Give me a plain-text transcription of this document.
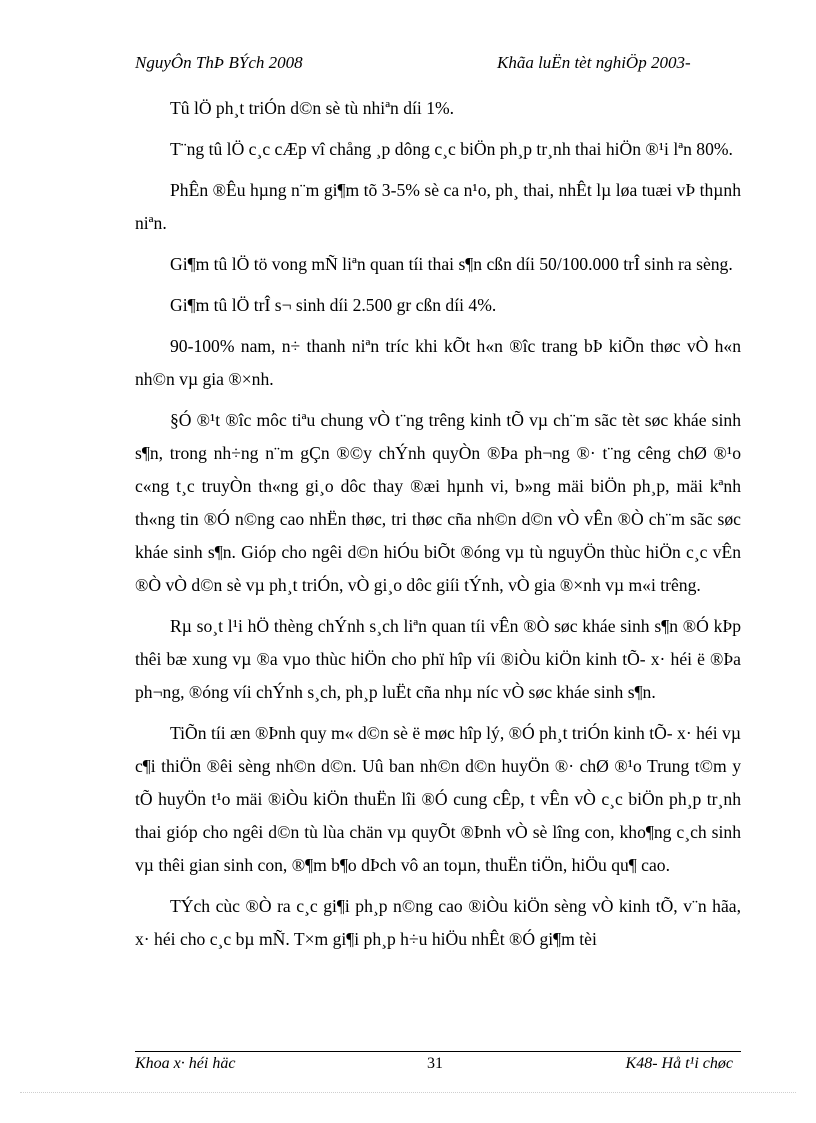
NguyÔn ThÞ BÝch 2008	Khãa luËn tèt nghiÖp 2003-

Tû lÖ ph¸t triÓn d©n sè tù nhiªn díi 1%.

T¨ng tû lÖ c¸c cÆp vî chång ¸p dông c¸c biÖn ph¸p tr¸nh thai hiÖn ®¹i lªn 80%.

PhÊn ®Êu hµng n¨m gi¶m tõ 3-5% sè ca n¹o, ph¸ thai, nhÊt lµ løa tuæi vÞ thµnh niªn.

Gi¶m tû lÖ tö vong mÑ liªn quan tíi thai s¶n cßn díi 50/100.000 trÎ sinh ra sèng.

Gi¶m tû lÖ trÎ s¬ sinh díi 2.500 gr cßn díi 4%.

90-100% nam, n÷ thanh niªn tríc khi kÕt h«n ®îc trang bÞ kiÕn thøc vÒ h«n nh©n vµ gia ®×nh.

§Ó ®¹t ®îc môc tiªu chung vÒ t¨ng trêng kinh tÕ vµ ch¨m sãc tèt søc kháe sinh s¶n, trong nh÷ng n¨m gÇn ®©y chÝnh quyÒn ®Þa ph¬ng ®· t¨ng cêng chØ ®¹o c«ng t¸c truyÒn th«ng gi¸o dôc thay ®æi hµnh vi, b»ng mäi biÖn ph¸p, mäi kªnh th«ng tin ®Ó n©ng cao nhËn thøc, tri thøc cña nh©n d©n vÒ vÊn ®Ò ch¨m sãc søc kháe sinh s¶n. Gióp cho ngêi d©n hiÓu biÕt ®óng vµ tù nguyÖn thùc hiÖn c¸c vÊn ®Ò vÒ d©n sè vµ ph¸t triÓn, vÒ gi¸o dôc giíi tÝnh, vÒ gia ®×nh vµ m«i trêng.

Rµ so¸t l¹i hÖ thèng chÝnh s¸ch liªn quan tíi vÊn ®Ò søc kháe sinh s¶n ®Ó kÞp thêi bæ xung vµ ®a vµo thùc hiÖn cho phï hîp víi ®iÒu kiÖn kinh tÕ- x· héi ë ®Þa ph¬ng, ®óng víi chÝnh s¸ch, ph¸p luËt cña nhµ níc vÒ søc kháe sinh s¶n.

TiÕn tíi æn ®Þnh quy m« d©n sè ë møc hîp lý, ®Ó ph¸t triÓn kinh tÕ- x· héi vµ c¶i thiÖn ®êi sèng nh©n d©n. Uû ban nh©n d©n huyÖn ®· chØ ®¹o Trung t©m y tÕ huyÖn t¹o mäi ®iÒu kiÖn thuËn lîi ®Ó cung cÊp, t vÊn vÒ c¸c biÖn ph¸p tr¸nh thai gióp cho ngêi d©n tù lùa chän vµ quyÕt ®Þnh vÒ sè lîng con, kho¶ng c¸ch sinh vµ thêi gian sinh con, ®¶m b¶o dÞch vô an toµn, thuËn tiÖn, hiÖu qu¶ cao.

TÝch cùc ®Ò ra c¸c gi¶i ph¸p n©ng cao ®iÒu kiÖn sèng vÒ kinh tÕ, v¨n hãa, x· héi cho c¸c bµ mÑ. T×m gi¶i ph¸p h÷u hiÖu nhÊt ®Ó gi¶m tèi

Khoa x· héi häc	31	K48- Hå t¹i chøc
